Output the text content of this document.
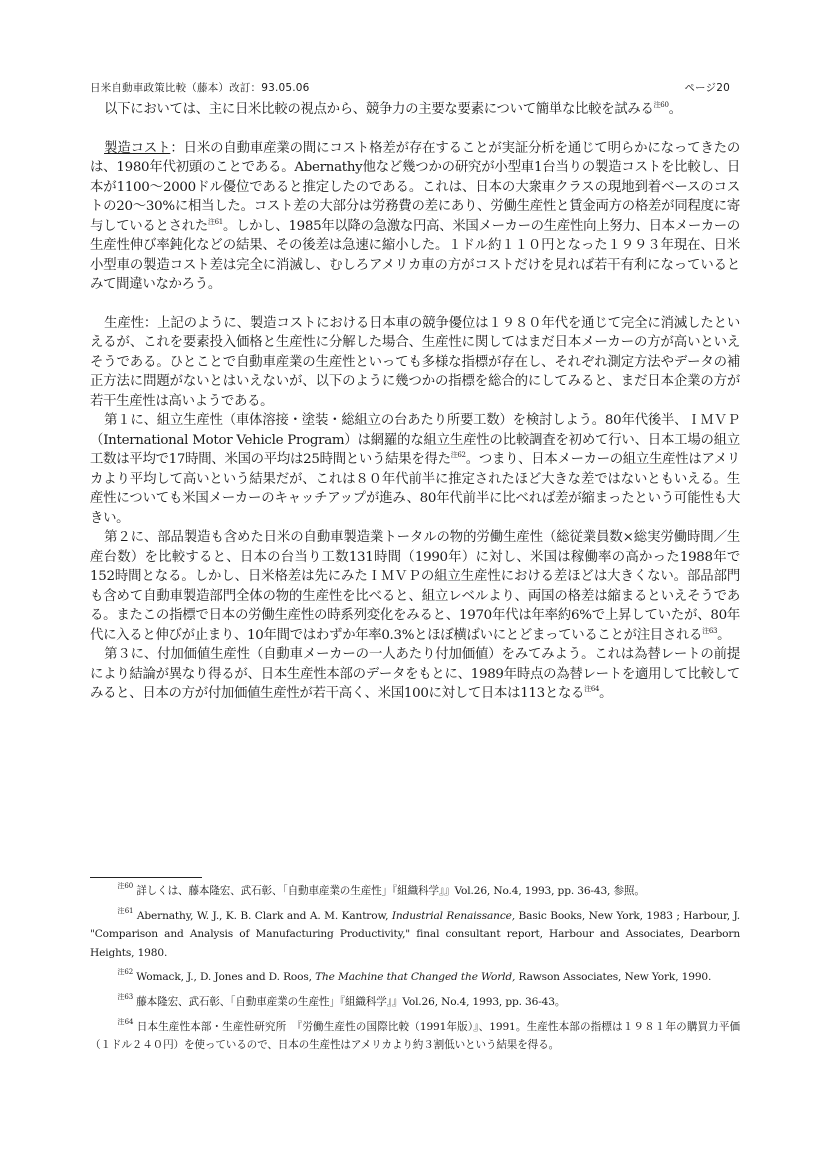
日米自動車政策比較（藤本）改訂：93.05.06	ページ20

以下においては、主に日米比較の視点から、競争力の主要な要素について簡単な比較を試みる$^{注60}$。

製造コスト：日米の自動車産業の間にコスト格差が存在することが実証分析を通じて明らかになってきたのは、1980年代初頭のことである。Abernathy他など幾つかの研究が小型車1台当りの製造コストを比較し、日本が1100～2000ドル優位であると推定したのである。これは、日本の大衆車クラスの現地到着ベースのコストの20～30%に相当した。コスト差の大部分は労務費の差にあり、労働生産性と賃金両方の格差が同程度に寄与しているとされた$^{注61}$。しかし、1985年以降の急激な円高、米国メーカーの生産性向上努力、日本メーカーの生産性伸び率鈍化などの結果、その後差は急速に縮小した。１ドル約１１０円となった１９９３年現在、日米小型車の製造コスト差は完全に消滅し、むしろアメリカ車の方がコストだけを見れば若干有利になっているとみて間違いなかろう。

生産性：上記のように、製造コストにおける日本車の競争優位は１９８０年代を通じて完全に消滅したといえるが、これを要素投入価格と生産性に分解した場合、生産性に関してはまだ日本メーカーの方が高いといえそうである。ひとことで自動車産業の生産性といっても多様な指標が存在し、それぞれ測定方法やデータの補正方法に問題がないとはいえないが、以下のように幾つかの指標を総合的にしてみると、まだ日本企業の方が若干生産性は高いようである。

第１に、組立生産性（車体溶接・塗装・総組立の台あたり所要工数）を検討しよう。80年代後半、ＩＭＶＰ（International Motor Vehicle Program）は網羅的な組立生産性の比較調査を初めて行い、日本工場の組立工数は平均で17時間、米国の平均は25時間という結果を得た$^{注62}$。つまり、日本メーカーの組立生産性はアメリカより平均して高いという結果だが、これは８０年代前半に推定されたほど大きな差ではないともいえる。生産性についても米国メーカーのキャッチアップが進み、80年代前半に比べれば差が縮まったという可能性も大きい。

第２に、部品製造も含めた日米の自動車製造業トータルの物的労働生産性（総従業員数×総実労働時間／生産台数）を比較すると、日本の台当り工数131時間（1990年）に対し、米国は稼働率の高かった1988年で152時間となる。しかし、日米格差は先にみたＩＭＶＰの組立生産性における差ほどは大きくない。部品部門も含めて自動車製造部門全体の物的生産性を比べると、組立レベルより、両国の格差は縮まるといえそうである。またこの指標で日本の労働生産性の時系列変化をみると、1970年代は年率約6%で上昇していたが、80年代に入ると伸びが止まり、10年間ではわずか年率0.3%とほぼ横ばいにとどまっていることが注目される$^{注63}$。

第３に、付加価値生産性（自動車メーカーの一人あたり付加価値）をみてみよう。これは為替レートの前提により結論が異なり得るが、日本生産性本部のデータをもとに、1989年時点の為替レートを適用して比較してみると、日本の方が付加価値生産性が若干高く、米国100に対して日本は113となる$^{注64}$。

$^{注60}$ 詳しくは、藤本隆宏、武石彰、「自動車産業の生産性」『組織科学』』Vol.26, No.4, 1993, pp. 36-43, 参照。

$^{注61}$ Abernathy, W. J., K. B. Clark and A. M. Kantrow, Industrial Renaissance, Basic Books, New York, 1983 ; Harbour, J. "Comparison and Analysis of Manufacturing Productivity," final consultant report, Harbour and Associates, Dearborn Heights, 1980.

$^{注62}$ Womack, J., D. Jones and D. Roos, The Machine that Changed the World, Rawson Associates, New York, 1990.

$^{注63}$ 藤本隆宏、武石彰、「自動車産業の生産性」『組織科学』』Vol.26, No.4, 1993, pp. 36-43。

$^{注64}$ 日本生産性本部・生産性研究所　『労働生産性の国際比較（1991年版）』、1991。生産性本部の指標は１９８１年の購買力平価（１ドル２４０円）を使っているので、日本の生産性はアメリカより約３割低いという結果を得る。
